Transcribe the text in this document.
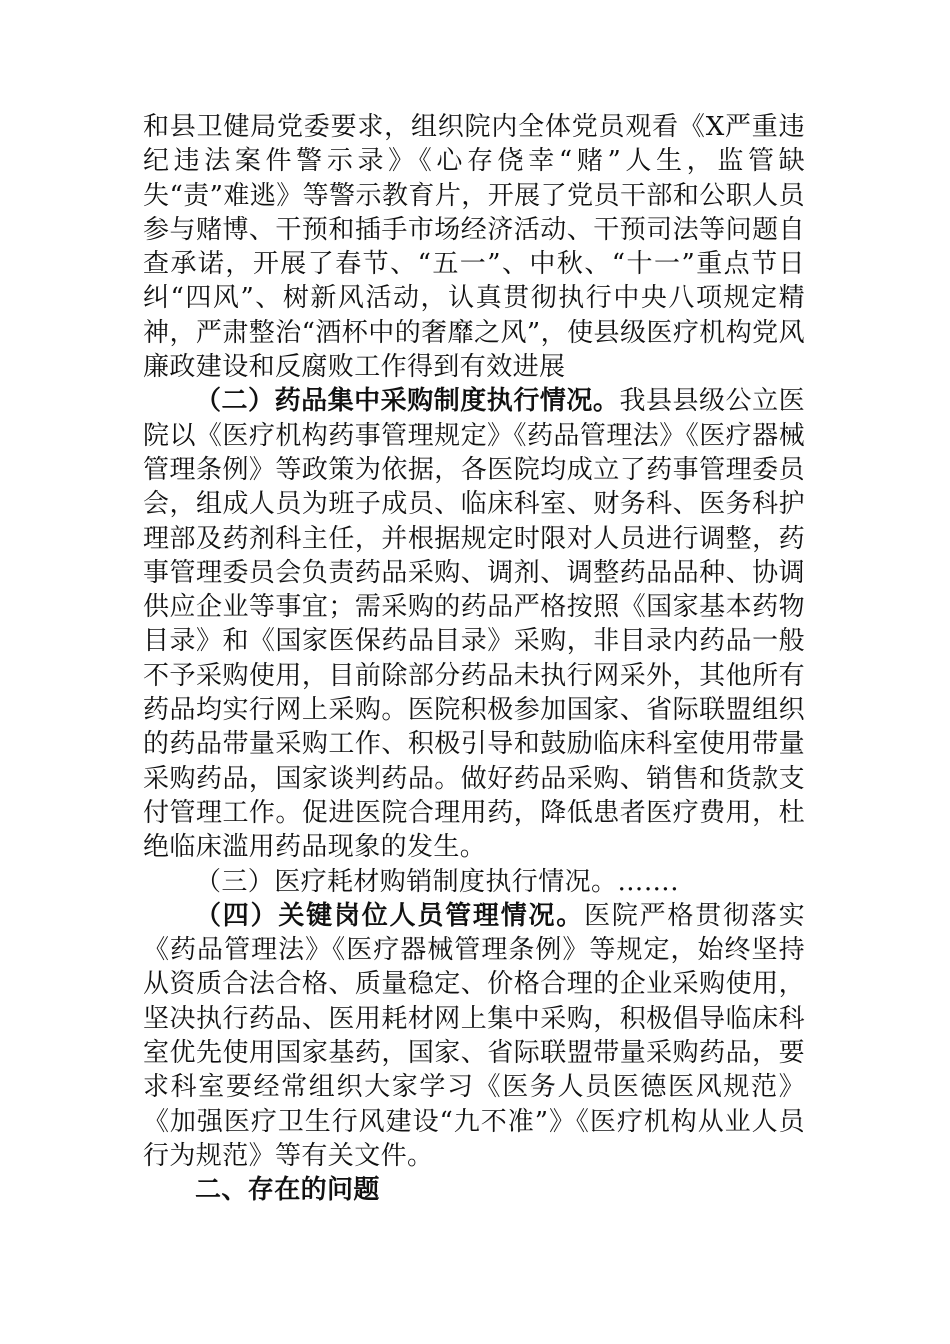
和县卫健局党委要求，组织院内全体党员观看《X严重违纪违法案件警示录》《心存侥幸“赌”人生，监管缺失“责”难逃》等警示教育片，开展了党员干部和公职人员参与赌博、干预和插手市场经济活动、干预司法等问题自查承诺，开展了春节、“五一”、中秋、“十一”重点节日纠“四风”、树新风活动，认真贯彻执行中央八项规定精神，严肃整治“酒杯中的奢靡之风”，使县级医疗机构党风廉政建设和反腐败工作得到有效进展

（二）药品集中采购制度执行情况。我县县级公立医院以《医疗机构药事管理规定》《药品管理法》《医疗器械管理条例》等政策为依据，各医院均成立了药事管理委员会，组成人员为班子成员、临床科室、财务科、医务科护理部及药剂科主任，并根据规定时限对人员进行调整，药事管理委员会负责药品采购、调剂、调整药品品种、协调供应企业等事宜；需采购的药品严格按照《国家基本药物目录》和《国家医保药品目录》采购，非目录内药品一般不予采购使用，目前除部分药品未执行网采外，其他所有药品均实行网上采购。医院积极参加国家、省际联盟组织的药品带量采购工作、积极引导和鼓励临床科室使用带量采购药品，国家谈判药品。做好药品采购、销售和货款支付管理工作。促进医院合理用药，降低患者医疗费用，杜绝临床滥用药品现象的发生。

（三）医疗耗材购销制度执行情况。…….

（四）关键岗位人员管理情况。医院严格贯彻落实《药品管理法》《医疗器械管理条例》等规定，始终坚持从资质合法合格、质量稳定、价格合理的企业采购使用，坚决执行药品、医用耗材网上集中采购，积极倡导临床科室优先使用国家基药，国家、省际联盟带量采购药品，要求科室要经常组织大家学习《医务人员医德医风规范》《加强医疗卫生行风建设“九不准”》《医疗机构从业人员行为规范》等有关文件。

二、存在的问题
